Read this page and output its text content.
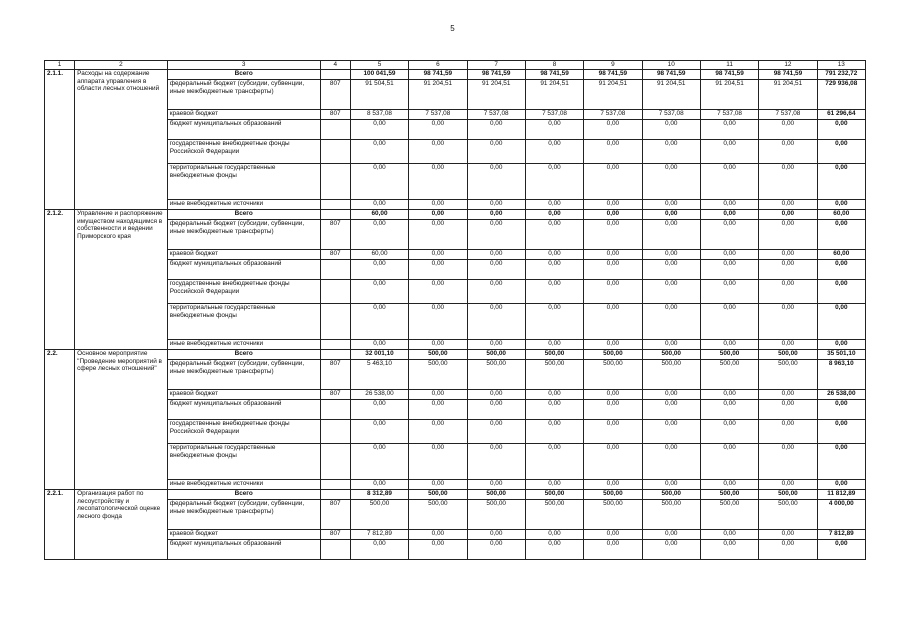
5
1	2	3	4	5	6	7	8	9	10	11	12	13
2.1.1.	Расходы на содержание аппарата управления в области лесных отношений	Всего		100 041,59	98 741,59	98 741,59	98 741,59	98 741,59	98 741,59	98 741,59	98 741,59	791 232,72
		федеральный бюджет (субсидии, субвенции, иные межбюджетные трансферты)	807	91 504,51	91 204,51	91 204,51	91 204,51	91 204,51	91 204,51	91 204,51	91 204,51	729 936,08
		краевой бюджет	807	8 537,08	7 537,08	7 537,08	7 537,08	7 537,08	7 537,08	7 537,08	7 537,08	61 296,64
		бюджет муниципальных образований		0,00	0,00	0,00	0,00	0,00	0,00	0,00	0,00	0,00
		государственные внебюджетные фонды Российской Федерации		0,00	0,00	0,00	0,00	0,00	0,00	0,00	0,00	0,00
		территориальные государственные внебюджетные фонды		0,00	0,00	0,00	0,00	0,00	0,00	0,00	0,00	0,00
		иные внебюджетные источники		0,00	0,00	0,00	0,00	0,00	0,00	0,00	0,00	0,00
2.1.2.	Управление и распоряжение имуществом находящимся в собственности и ведении Приморского края	Всего		60,00	0,00	0,00	0,00	0,00	0,00	0,00	0,00	60,00
		федеральный бюджет (субсидии, субвенции, иные межбюджетные трансферты)	807	0,00	0,00	0,00	0,00	0,00	0,00	0,00	0,00	0,00
		краевой бюджет	807	60,00	0,00	0,00	0,00	0,00	0,00	0,00	0,00	60,00
		бюджет муниципальных образований		0,00	0,00	0,00	0,00	0,00	0,00	0,00	0,00	0,00
		государственные внебюджетные фонды Российской Федерации		0,00	0,00	0,00	0,00	0,00	0,00	0,00	0,00	0,00
		территориальные государственные внебюджетные фонды		0,00	0,00	0,00	0,00	0,00	0,00	0,00	0,00	0,00
		иные внебюджетные источники		0,00	0,00	0,00	0,00	0,00	0,00	0,00	0,00	0,00
2.2.	Основное мероприятие "Проведение мероприятий в сфере лесных отношений"	Всего		32 001,10	500,00	500,00	500,00	500,00	500,00	500,00	500,00	35 501,10
		федеральный бюджет (субсидии, субвенции, иные межбюджетные трансферты)	807	5 463,10	500,00	500,00	500,00	500,00	500,00	500,00	500,00	8 963,10
		краевой бюджет	807	26 538,00	0,00	0,00	0,00	0,00	0,00	0,00	0,00	26 538,00
		бюджет муниципальных образований		0,00	0,00	0,00	0,00	0,00	0,00	0,00	0,00	0,00
		государственные внебюджетные фонды Российской Федерации		0,00	0,00	0,00	0,00	0,00	0,00	0,00	0,00	0,00
		территориальные государственные внебюджетные фонды		0,00	0,00	0,00	0,00	0,00	0,00	0,00	0,00	0,00
		иные внебюджетные источники		0,00	0,00	0,00	0,00	0,00	0,00	0,00	0,00	0,00
2.2.1.	Организация работ по лесоустройству и лесопатологической оценке лесного фонда	Всего		8 312,89	500,00	500,00	500,00	500,00	500,00	500,00	500,00	11 812,89
		федеральный бюджет (субсидии, субвенции, иные межбюджетные трансферты)	807	500,00	500,00	500,00	500,00	500,00	500,00	500,00	500,00	4 000,00
		краевой бюджет	807	7 812,89	0,00	0,00	0,00	0,00	0,00	0,00	0,00	7 812,89
		бюджет муниципальных образований		0,00	0,00	0,00	0,00	0,00	0,00	0,00	0,00	0,00
